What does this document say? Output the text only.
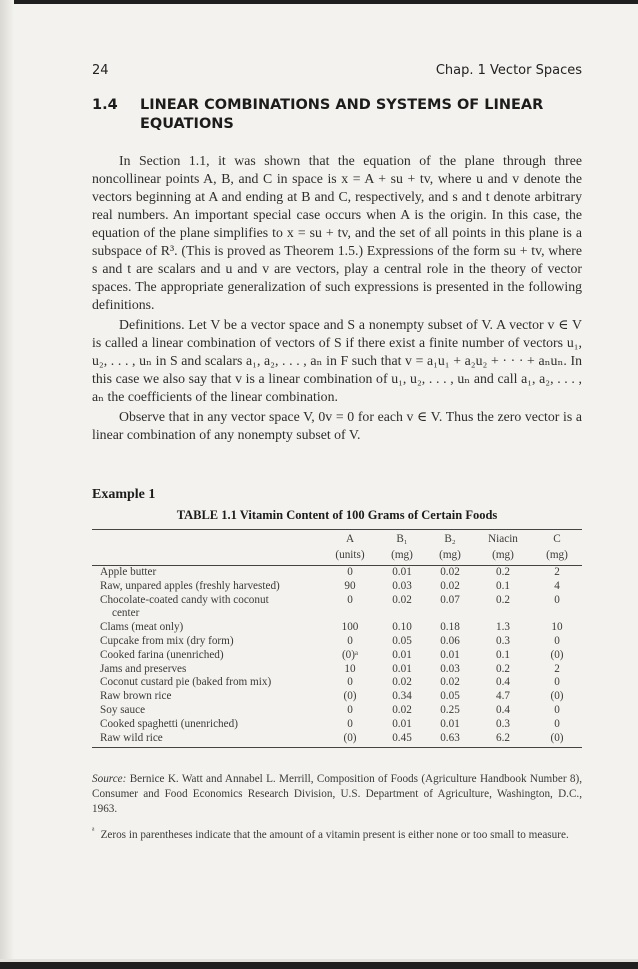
24	Chap. 1 Vector Spaces
1.4 LINEAR COMBINATIONS AND SYSTEMS OF LINEAR EQUATIONS

In Section 1.1, it was shown that the equation of the plane through three noncollinear points A, B, and C in space is x = A + su + tv, where u and v denote the vectors beginning at A and ending at B and C, respectively, and s and t denote arbitrary real numbers. An important special case occurs when A is the origin. In this case, the equation of the plane simplifies to x = su + tv, and the set of all points in this plane is a subspace of R³. (This is proved as Theorem 1.5.) Expressions of the form su + tv, where s and t are scalars and u and v are vectors, play a central role in the theory of vector spaces. The appropriate generalization of such expressions is presented in the following definitions.

Definitions. Let V be a vector space and S a nonempty subset of V. A vector v ∈ V is called a linear combination of vectors of S if there exist a finite number of vectors u₁, u₂, . . . , uₙ in S and scalars a₁, a₂, . . . , aₙ in F such that v = a₁u₁ + a₂u₂ + · · · + aₙuₙ. In this case we also say that v is a linear combination of u₁, u₂, . . . , uₙ and call a₁, a₂, . . . , aₙ the coefficients of the linear combination.

Observe that in any vector space V, 0v = 0 for each v ∈ V. Thus the zero vector is a linear combination of any nonempty subset of V.

Example 1
TABLE 1.1 Vitamin Content of 100 Grams of Certain Foods
	A	B₁	B₂	Niacin	C
	(units)	(mg)	(mg)	(mg)	(mg)
Apple butter	0	0.01	0.02	0.2	2
Raw, unpared apples (freshly harvested)	90	0.03	0.02	0.1	4
Chocolate-coated candy with coconut	0	0.02	0.07	0.2	0
center					
Clams (meat only)	100	0.10	0.18	1.3	10
Cupcake from mix (dry form)	0	0.05	0.06	0.3	0
Cooked farina (unenriched)	(0)ᵃ	0.01	0.01	0.1	(0)
Jams and preserves	10	0.01	0.03	0.2	2
Coconut custard pie (baked from mix)	0	0.02	0.02	0.4	0
Raw brown rice	(0)	0.34	0.05	4.7	(0)
Soy sauce	0	0.02	0.25	0.4	0
Cooked spaghetti (unenriched)	0	0.01	0.01	0.3	0
Raw wild rice	(0)	0.45	0.63	6.2	(0)
Source: Bernice K. Watt and Annabel L. Merrill, Composition of Foods (Agriculture Handbook Number 8), Consumer and Food Economics Research Division, U.S. Department of Agriculture, Washington, D.C., 1963.
$^ᵃ$ Zeros in parentheses indicate that the amount of a vitamin present is either none or too small to measure.
